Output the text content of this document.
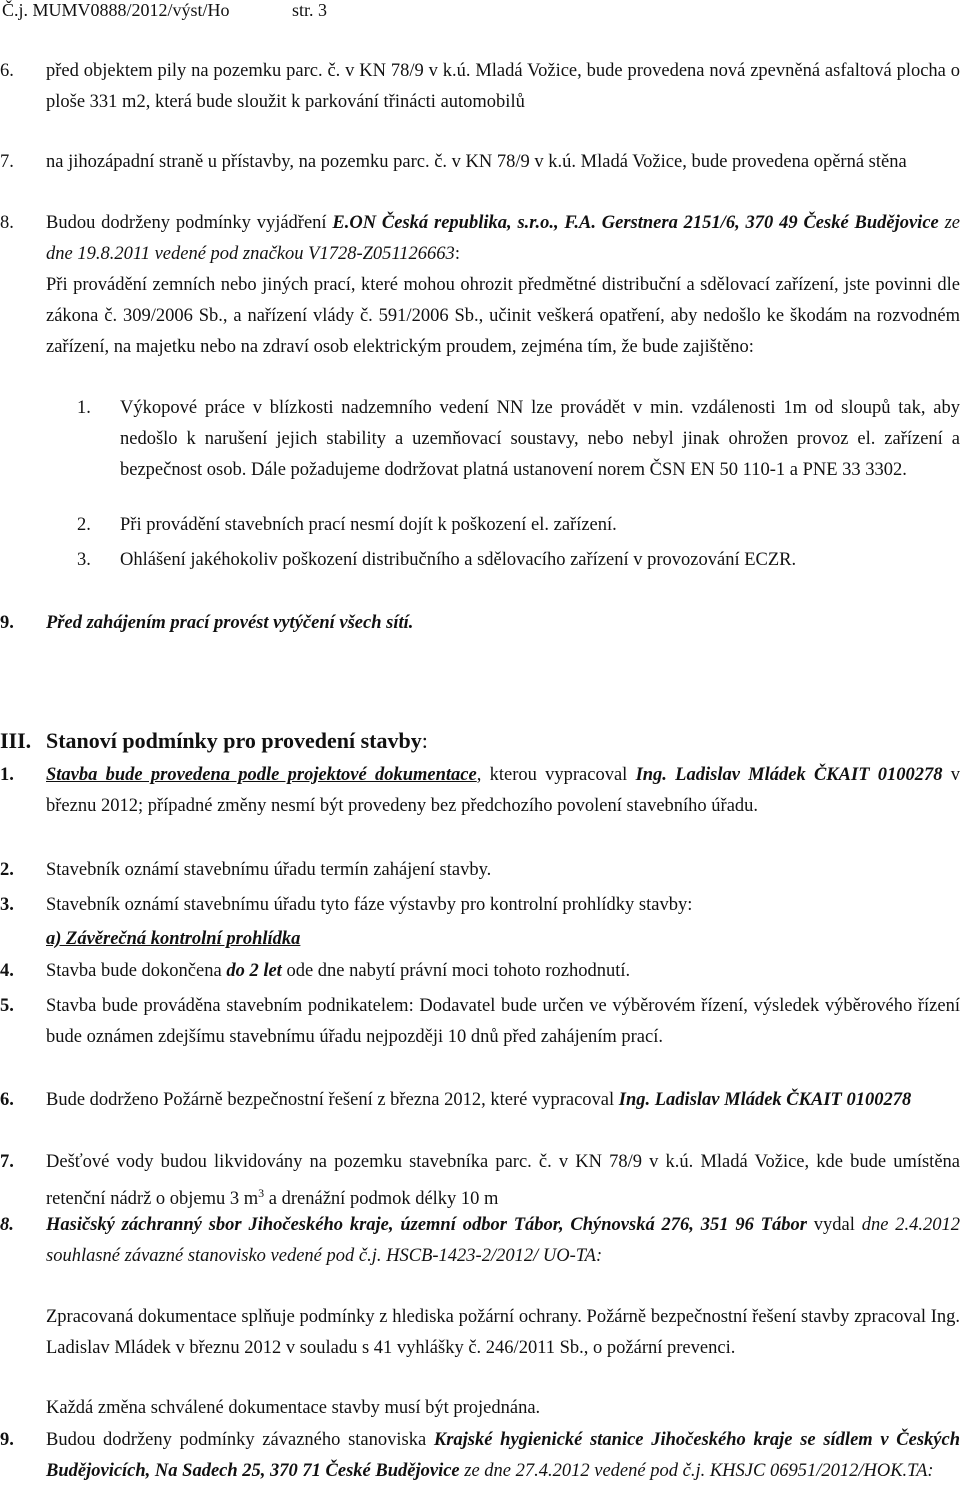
Č.j. MUMV0888/2012/výst/Ho	str. 3
6.	před objektem pily na pozemku parc. č. v KN 78/9 v k.ú. Mladá Vožice, bude provedena nová zpevněná asfaltová plocha o ploše 331 m2, která bude sloužit k parkování třinácti automobilů
7.	na jihozápadní straně u přístavby, na pozemku parc. č. v KN 78/9 v k.ú. Mladá Vožice, bude provedena opěrná stěna
8.	Budou dodrženy podmínky vyjádření E.ON Česká republika, s.r.o., F.A. Gerstnera 2151/6, 370 49 České Budějovice ze dne 19.8.2011 vedené pod značkou V1728-Z051126663:
Při provádění zemních nebo jiných prací, které mohou ohrozit předmětné distribuční a sdělovací zařízení, jste povinni dle zákona č. 309/2006 Sb., a nařízení vlády č. 591/2006 Sb., učinit veškerá opatření, aby nedošlo ke škodám na rozvodném zařízení, na majetku nebo na zdraví osob elektrickým proudem, zejména tím, že bude zajištěno:
1.	Výkopové práce v blízkosti nadzemního vedení NN lze provádět v min. vzdálenosti 1m od sloupů tak, aby nedošlo k narušení jejich stability a uzemňovací soustavy, nebo nebyl jinak ohrožen provoz el. zařízení a bezpečnost osob. Dále požadujeme dodržovat platná ustanovení norem ČSN EN 50 110-1 a PNE 33 3302.
2.	Při provádění stavebních prací nesmí dojít k poškození el. zařízení.
3.	Ohlášení jakéhokoliv poškození distribučního a sdělovacího zařízení v provozování ECZR.
9.	Před zahájením prací provést vytýčení všech sítí.
III. Stanoví podmínky pro provedení stavby:
1.	Stavba bude provedena podle projektové dokumentace, kterou vypracoval Ing. Ladislav Mládek ČKAIT 0100278 v březnu 2012; případné změny nesmí být provedeny bez předchozího povolení stavebního úřadu.
2.	Stavebník oznámí stavebnímu úřadu termín zahájení stavby.
3.	Stavebník oznámí stavebnímu úřadu tyto fáze výstavby pro kontrolní prohlídky stavby:
a) Závěrečná kontrolní prohlídka
4.	Stavba bude dokončena do 2 let ode dne nabytí právní moci tohoto rozhodnutí.
5.	Stavba bude prováděna stavebním podnikatelem: Dodavatel bude určen ve výběrovém řízení, výsledek výběrového řízení bude oznámen zdejšímu stavebnímu úřadu nejpozději 10 dnů před zahájením prací.
6.	Bude dodrženo Požárně bezpečnostní řešení z března 2012, které vypracoval Ing. Ladislav Mládek ČKAIT 0100278
7.	Dešťové vody budou likvidovány na pozemku stavebníka parc. č. v KN 78/9 v k.ú. Mladá Vožice, kde bude umístěna retenční nádrž o objemu 3 $m^3$ a drenážní podmok délky 10 m
8.	Hasičský záchranný sbor Jihočeského kraje, územní odbor Tábor, Chýnovská 276, 351 96 Tábor vydal dne 2.4.2012 souhlasné závazné stanovisko vedené pod č.j. HSCB-1423-2/2012/ UO-TA:
Zpracovaná dokumentace splňuje podmínky z hlediska požární ochrany. Požárně bezpečnostní řešení stavby zpracoval Ing. Ladislav Mládek v březnu 2012 v souladu s 41 vyhlášky č. 246/2011 Sb., o požární prevenci.
Každá změna schválené dokumentace stavby musí být projednána.
9.	Budou dodrženy podmínky závazného stanoviska Krajské hygienické stanice Jihočeského kraje se sídlem v Českých Budějovicích, Na Sadech 25, 370 71 České Budějovice ze dne 27.4.2012 vedené pod č.j. KHSJC 06951/2012/HOK.TA:
